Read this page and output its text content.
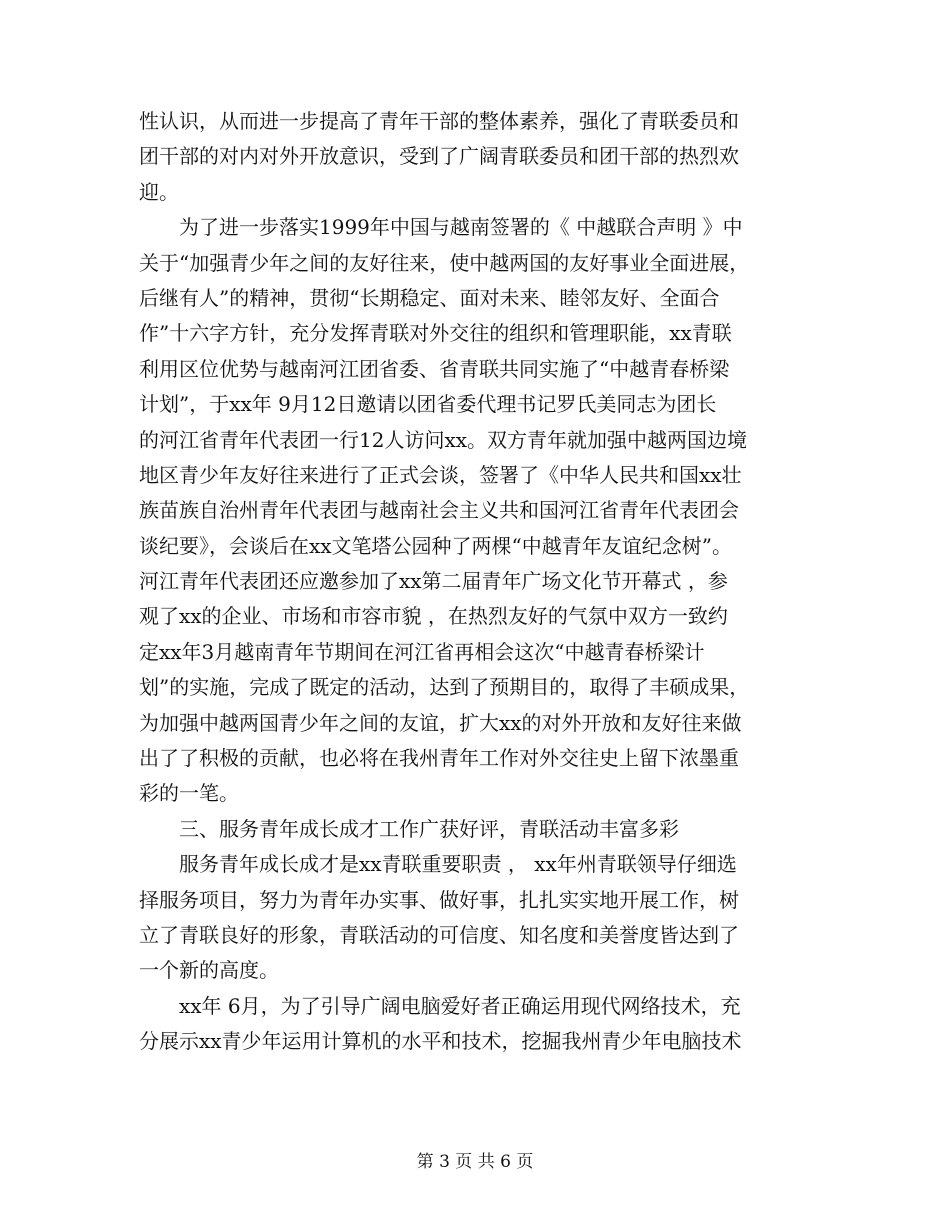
性认识，从而进一步提高了青年干部的整体素养，强化了青联委员和
团干部的对内对外开放意识，受到了广阔青联委员和团干部的热烈欢
迎。
　　为了进一步落实1999年中国与越南签署的《 中越联合声明 》中
关于“加强青少年之间的友好往来，使中越两国的友好事业全面进展，
后继有人”的精神，贯彻“长期稳定、面对未来、睦邻友好、全面合
作”十六字方针，充分发挥青联对外交往的组织和管理职能，xx青联
利用区位优势与越南河江团省委、省青联共同实施了“中越青春桥梁
计划”，于xx年 9月12日邀请以团省委代理书记罗氏美同志为团长
的河江省青年代表团一行12人访问xx。双方青年就加强中越两国边境
地区青少年友好往来进行了正式会谈，签署了《中华人民共和国xx壮
族苗族自治州青年代表团与越南社会主义共和国河江省青年代表团会
谈纪要》，会谈后在xx文笔塔公园种了两棵“中越青年友谊纪念树”。
河江青年代表团还应邀参加了xx第二届青年广场文化节开幕式 ，参
观了xx的企业、市场和市容市貌 ，在热烈友好的气氛中双方一致约
定xx年3月越南青年节期间在河江省再相会这次“中越青春桥梁计
划”的实施，完成了既定的活动，达到了预期目的，取得了丰硕成果，
为加强中越两国青少年之间的友谊，扩大xx的对外开放和友好往来做
出了了积极的贡献，也必将在我州青年工作对外交往史上留下浓墨重
彩的一笔。
　　三、服务青年成长成才工作广获好评，青联活动丰富多彩
　　服务青年成长成才是xx青联重要职责 ， xx年州青联领导仔细选
择服务项目，努力为青年办实事、做好事，扎扎实实地开展工作，树
立了青联良好的形象，青联活动的可信度、知名度和美誉度皆达到了
一个新的高度。
　　xx年 6月，为了引导广阔电脑爱好者正确运用现代网络技术，充
分展示xx青少年运用计算机的水平和技术，挖掘我州青少年电脑技术
第 3 页 共 6 页
